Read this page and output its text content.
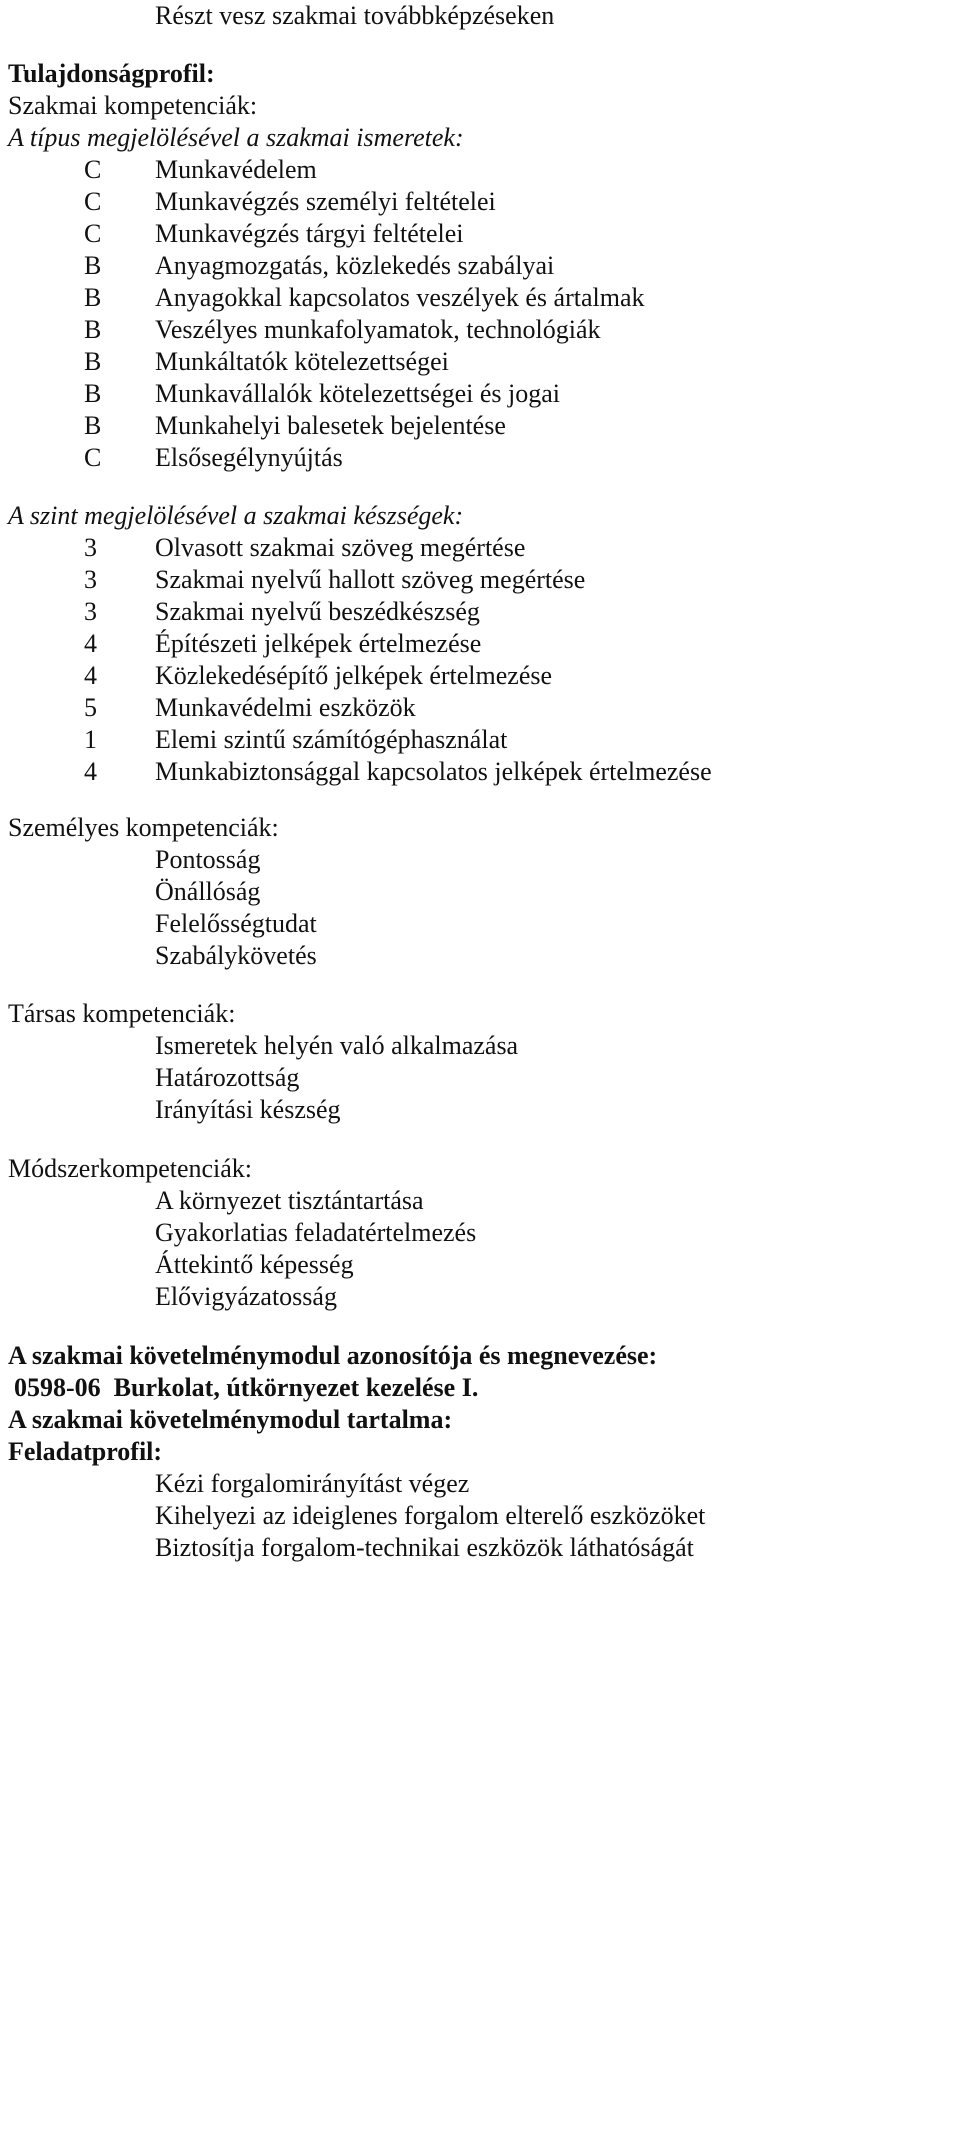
Részt vesz szakmai továbbképzéseken
Tulajdonságprofil:
Szakmai kompetenciák:
A típus megjelölésével a szakmai ismeretek:
C Munkavédelem
C Munkavégzés személyi feltételei
C Munkavégzés tárgyi feltételei
B Anyagmozgatás, közlekedés szabályai
B Anyagokkal kapcsolatos veszélyek és ártalmak
B Veszélyes munkafolyamatok, technológiák
B Munkáltatók kötelezettségei
B Munkavállalók kötelezettségei és jogai
B Munkahelyi balesetek bejelentése
C Elsősegélynyújtás
A szint megjelölésével a szakmai készségek:
3 Olvasott szakmai szöveg megértése
3 Szakmai nyelvű hallott szöveg megértése
3 Szakmai nyelvű beszédkészség
4 Építészeti jelképek értelmezése
4 Közlekedésépítő jelképek értelmezése
5 Munkavédelmi eszközök
1 Elemi szintű számítógéphasználat
4 Munkabiztonsággal kapcsolatos jelképek értelmezése
Személyes kompetenciák:
Pontosság
Önállóság
Felelősségtudat
Szabálykövetés
Társas kompetenciák:
Ismeretek helyén való alkalmazása
Határozottság
Irányítási készség
Módszerkompetenciák:
A környezet tisztántartása
Gyakorlatias feladatértelmezés
Áttekintő képesség
Elővigyázatosság
A szakmai követelménymodul azonosítója és megnevezése:
0598-06  Burkolat, útkörnyezet kezelése I.
A szakmai követelménymodul tartalma:
Feladatprofil:
Kézi forgalomirányítást végez
Kihelyezi az ideiglenes forgalom elterelő eszközöket
Biztosítja forgalom-technikai eszközök láthatóságát
